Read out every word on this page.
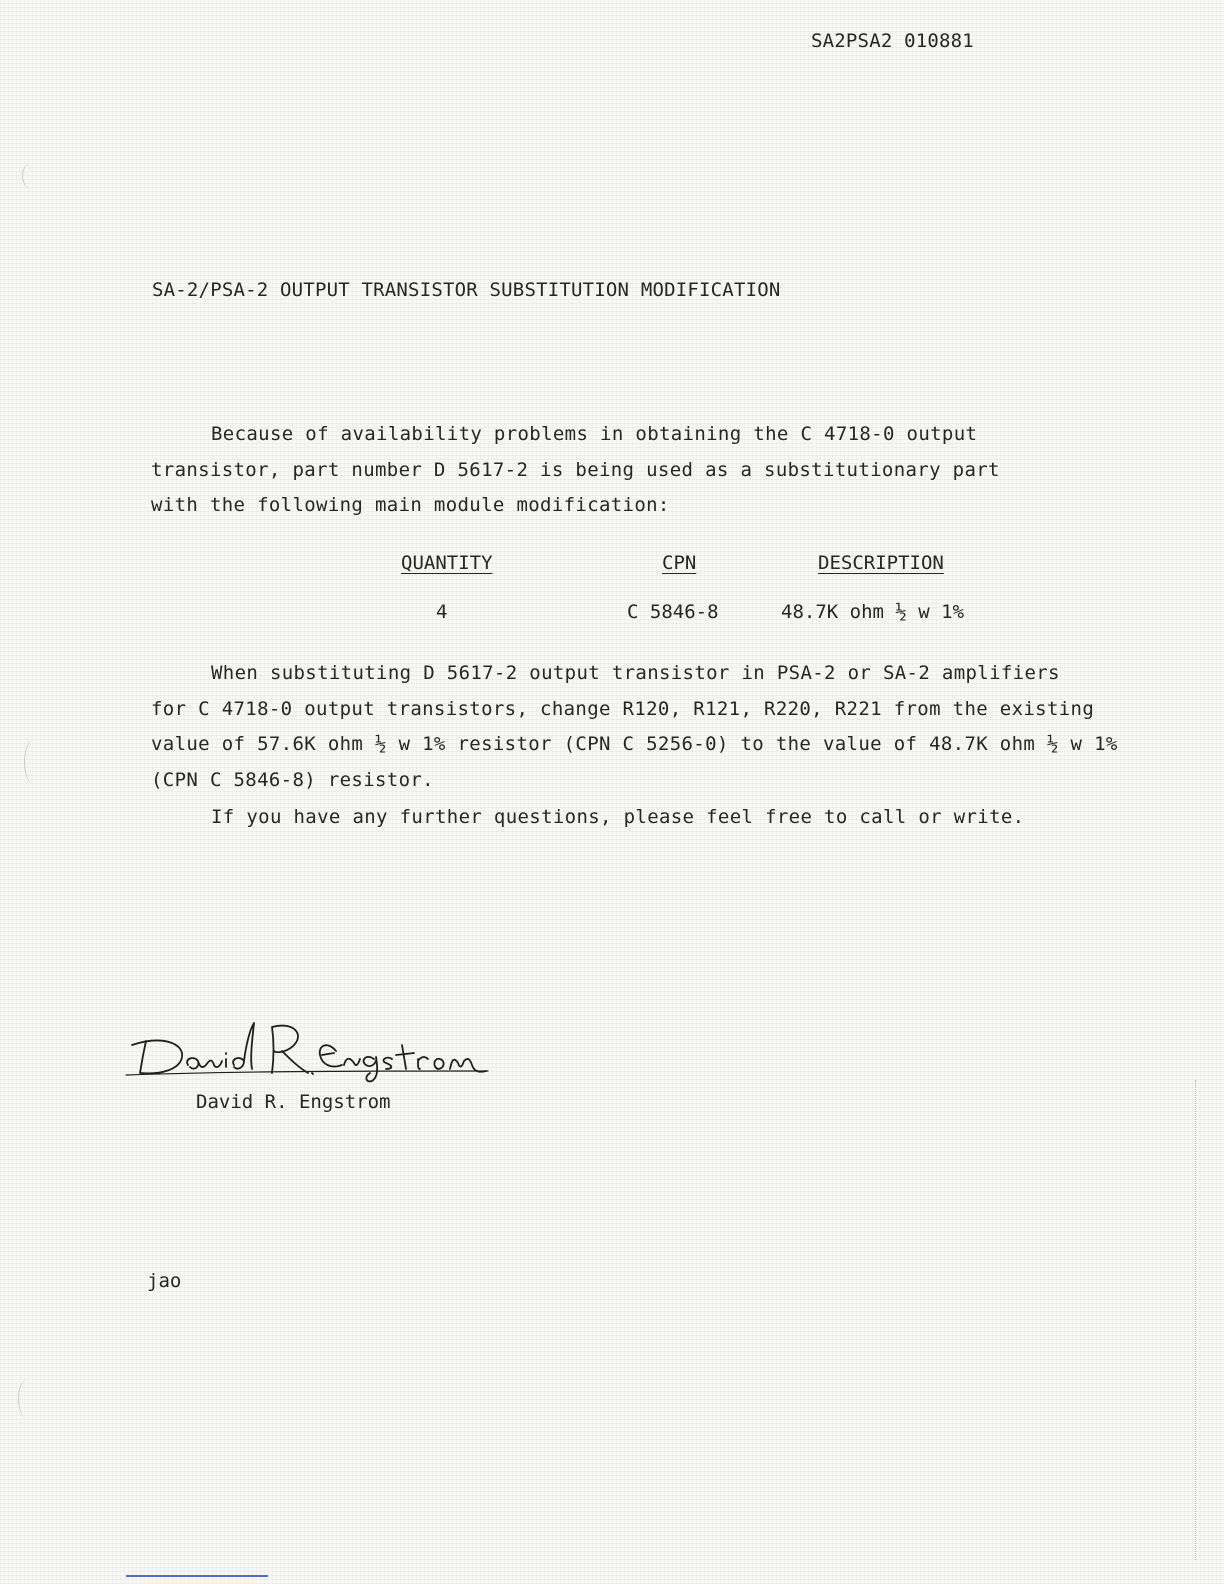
SA2PSA2 010881
SA-2/PSA-2 OUTPUT TRANSISTOR SUBSTITUTION MODIFICATION
Because of availability problems in obtaining the C 4718-0 output
transistor, part number D 5617-2 is being used as a substitutionary part
with the following main module modification:
QUANTITY	CPN	DESCRIPTION
4	C 5846-8	48.7K ohm ½ w 1%
When substituting D 5617-2 output transistor in PSA-2 or SA-2 amplifiers
for C 4718-0 output transistors, change R120, R121, R220, R221 from the existing
value of 57.6K ohm ½ w 1% resistor (CPN C 5256-0) to the value of 48.7K ohm ½ w 1%
(CPN C 5846-8) resistor.
If you have any further questions, please feel free to call or write.
David R. Engstrom
jao
